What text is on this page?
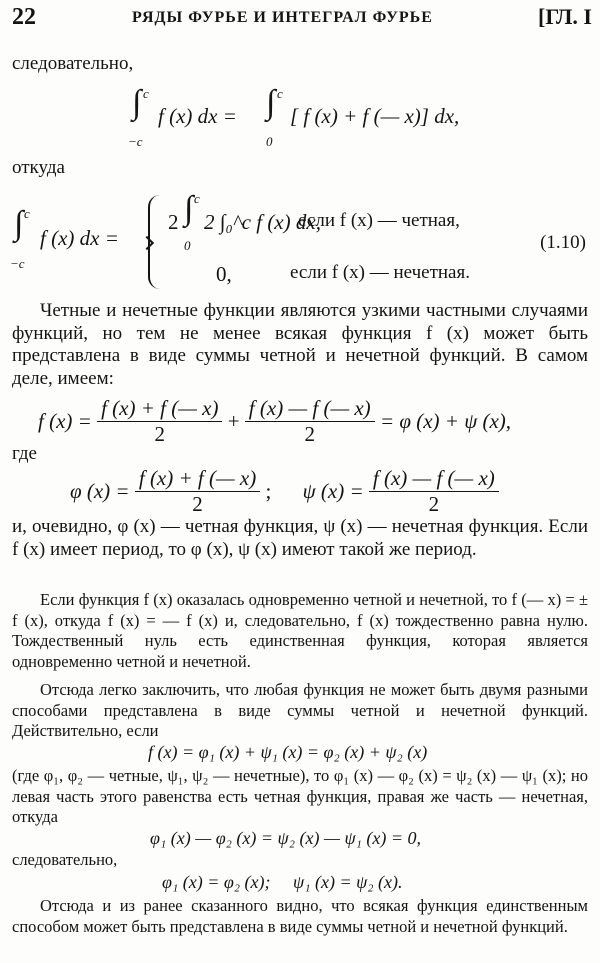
22	РЯДЫ ФУРЬЕ И ИНТЕГРАЛ ФУРЬЕ	[ГЛ. I
следовательно,
∫ c
−c
f (x) dx = ∫ c
0
[ f (x) + f (— x)] dx,
откуда
∫ c
−c
f (x) dx =
2 ∫ c
0
2 ∫₀^c f (x) dx,
если f (x) — четная,
0,	если f (x) — нечетная.
(1.10)
Четные и нечетные функции являются узкими частными случаями функций, но тем не менее всякая функция f (x) может быть представлена в виде суммы четной и нечетной функций. В самом деле, имеем:
f $(x) = \frac{f (x) + f (— x)}{2} + \frac{f (x) — f (— x)}{2} = \varphi$ (x) + ψ (x),
где
φ $(x) = \frac{f (x) + f (— x)}{2}$ ; ψ $(x) = \frac{f (x) — f (— x)}{2}$
и, очевидно, φ (x) — четная функция, ψ (x) — нечетная функция. Если f (x) имеет период, то φ (x), ψ (x) имеют такой же период.
Если функция f (x) оказалась одновременно четной и нечетной, то f (— x) = ± f (x), откуда f (x) = — f (x) и, следовательно, f (x) тождественно равна нулю. Тождественный нуль есть единственная функция, которая является одновременно четной и нечетной.
Отсюда легко заключить, что любая функция не может быть двумя разными способами представлена в виде суммы четной и нечетной функций. Действительно, если
f (x) = φ₁ (x) + ψ₁ (x) = φ₂ (x) + ψ₂ (x)
(где φ₁, φ₂ — четные, ψ₁, ψ₂ — нечетные), то φ₁ (x) — φ₂ (x) = ψ₂ (x) — ψ₁ (x); но левая часть этого равенства есть четная функция, правая же часть — нечетная, откуда
φ₁ (x) — φ₂ (x) = ψ₂ (x) — ψ₁ (x) = 0,
следовательно,
φ₁ (x) = φ₂ (x);     ψ₁ (x) = ψ₂ (x).
Отсюда и из ранее сказанного видно, что всякая функция единственным способом может быть представлена в виде суммы четной и нечетной функций.
